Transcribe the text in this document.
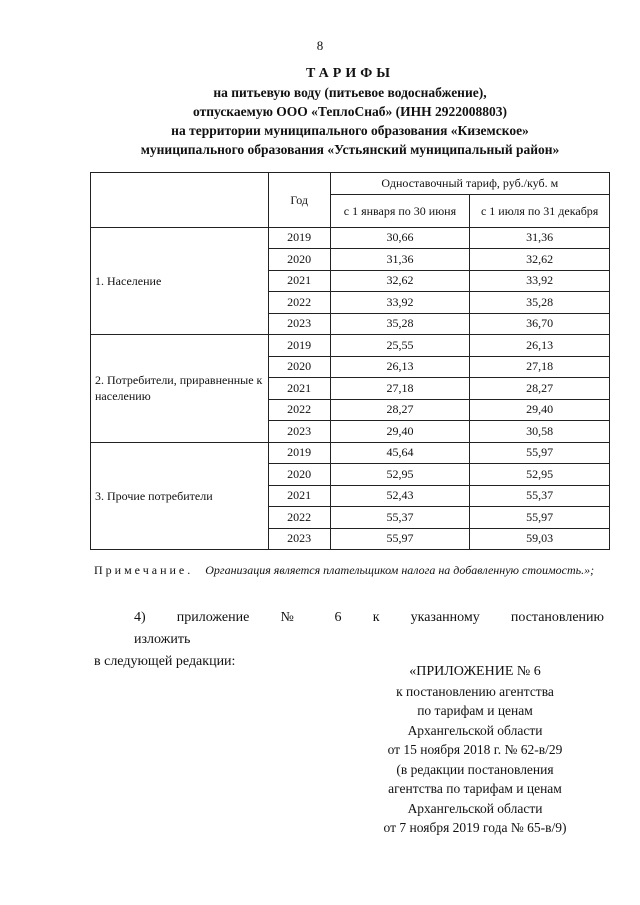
8
ТАРИФЫ
на питьевую воду (питьевое водоснабжение),
отпускаемую ООО «ТеплоСнаб» (ИНН 2922008803)
на территории муниципального образования «Киземское»
муниципального образования «Устьянский муниципальный район»
	Год	Одноставочный тариф, руб./куб. м	
		с 1 января по 30 июня	с 1 июля по 31 декабря
1. Население	2019	30,66	31,36
	2020	31,36	32,62
	2021	32,62	33,92
	2022	33,92	35,28
	2023	35,28	36,70
2. Потребители, приравненные к населению	2019	25,55	26,13
	2020	26,13	27,18
	2021	27,18	28,27
	2022	28,27	29,40
	2023	29,40	30,58
3. Прочие потребители	2019	45,64	55,97
	2020	52,95	52,95
	2021	52,43	55,37
	2022	55,37	55,97
	2023	55,97	59,03
Примечание. Организация является плательщиком налога на добавленную стоимость.»;
4) приложение № 6 к указанному постановлению изложить
в следующей редакции:
«ПРИЛОЖЕНИЕ № 6
к постановлению агентства
по тарифам и ценам
Архангельской области
от 15 ноября 2018 г. № 62-в/29
(в редакции постановления
агентства по тарифам и ценам
Архангельской области
от 7 ноября 2019 года № 65-в/9)
